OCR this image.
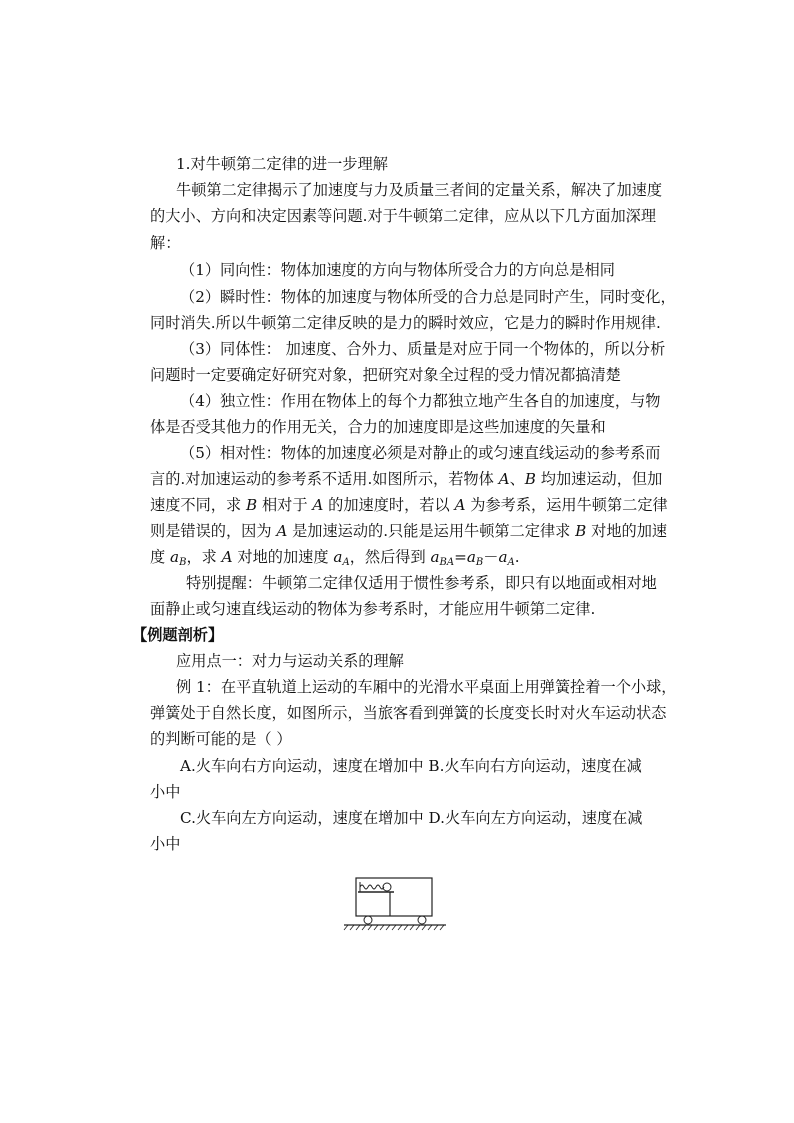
1.对牛顿第二定律的进一步理解
牛顿第二定律揭示了加速度与力及质量三者间的定量关系，解决了加速度
的大小、方向和决定因素等问题.对于牛顿第二定律，应从以下几方面加深理
解：
（1）同向性：物体加速度的方向与物体所受合力的方向总是相同
（2）瞬时性：物体的加速度与物体所受的合力总是同时产生，同时变化，
同时消失.所以牛顿第二定律反映的是力的瞬时效应，它是力的瞬时作用规律.
（3）同体性： 加速度、合外力、质量是对应于同一个物体的，所以分析
问题时一定要确定好研究对象，把研究对象全过程的受力情况都搞清楚
（4）独立性：作用在物体上的每个力都独立地产生各自的加速度，与物
体是否受其他力的作用无关，合力的加速度即是这些加速度的矢量和
（5）相对性：物体的加速度必须是对静止的或匀速直线运动的参考系而
言的.对加速运动的参考系不适用.如图所示，若物体 A、B 均加速运动，但加
速度不同，求 B 相对于 A 的加速度时，若以 A 为参考系，运用牛顿第二定律
则是错误的，因为 A 是加速运动的.只能是运用牛顿第二定律求 B 对地的加速
度 $a_B$，求 A 对地的加速度 $a_A$，然后得到 $a_{BA}=a_B-a_A$.
特别提醒：牛顿第二定律仅适用于惯性参考系，即只有以地面或相对地
面静止或匀速直线运动的物体为参考系时，才能应用牛顿第二定律.
【例题剖析】
应用点一：对力与运动关系的理解
例 1：在平直轨道上运动的车厢中的光滑水平桌面上用弹簧拴着一个小球，
弹簧处于自然长度，如图所示，当旅客看到弹簧的长度变长时对火车运动状态
的判断可能的是（ ）
A.火车向右方向运动，速度在增加中 B.火车向右方向运动，速度在减
小中
C.火车向左方向运动，速度在增加中 D.火车向左方向运动，速度在减
小中
